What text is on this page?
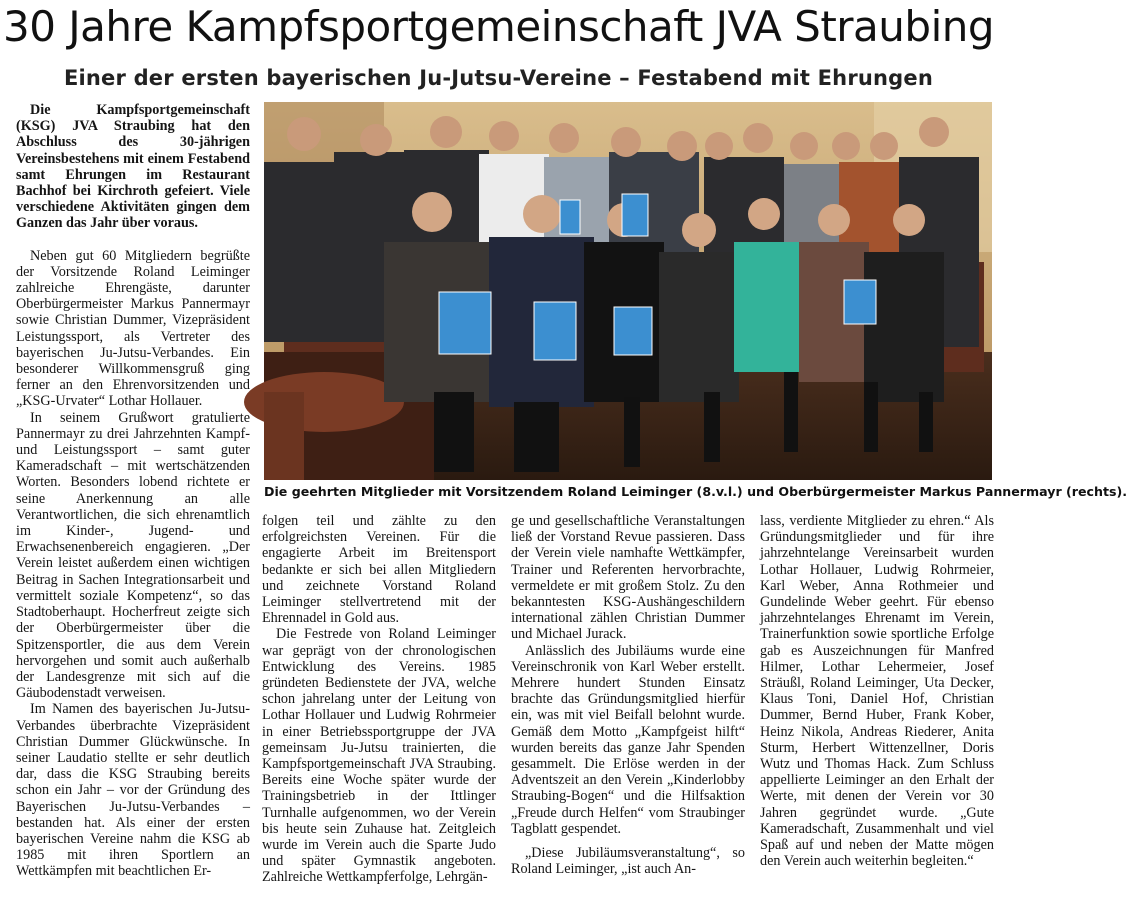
30 Jahre Kampfsportgemeinschaft JVA Straubing
Einer der ersten bayerischen Ju-Jutsu-Vereine – Festabend mit Ehrungen

Die Kampfsportgemeinschaft (KSG) JVA Straubing hat den Abschluss des 30-jährigen Vereinsbestehens mit einem Festabend samt Ehrungen im Restaurant Bachhof bei Kirchroth gefeiert. Viele verschiedene Aktivitäten gingen dem Ganzen das Jahr über voraus.

Neben gut 60 Mitgliedern begrüßte der Vorsitzende Roland Leiminger zahlreiche Ehrengäste, darunter Oberbürgermeister Markus Pannermayr sowie Christian Dummer, Vizepräsident Leistungssport, als Vertreter des bayerischen Ju-Jutsu-Verbandes. Ein besonderer Willkommensgruß ging ferner an den Ehrenvorsitzenden und „KSG-Urvater“ Lothar Hollauer.

In seinem Grußwort gratulierte Pannermayr zu drei Jahrzehnten Kampf- und Leistungssport – samt guter Kameradschaft – mit wertschätzenden Worten. Besonders lobend richtete er seine Anerkennung an alle Verantwortlichen, die sich ehrenamtlich im Kinder-, Jugend- und Erwachsenenbereich engagieren. „Der Verein leistet außerdem einen wichtigen Beitrag in Sachen Integrationsarbeit und vermittelt soziale Kompetenz“, so das Stadtoberhaupt. Hocherfreut zeigte sich der Oberbürgermeister über die Spitzensportler, die aus dem Verein hervorgehen und somit auch außerhalb der Landesgrenze mit sich auf die Gäubodenstadt verweisen.

Im Namen des bayerischen Ju-Jutsu-Verbandes überbrachte Vizepräsident Christian Dummer Glückwünsche. In seiner Laudatio stellte er sehr deutlich dar, dass die KSG Straubing bereits schon ein Jahr – vor der Gründung des Bayerischen Ju-Jutsu-Verbandes – bestanden hat. Als einer der ersten bayerischen Vereine nahm die KSG ab 1985 mit ihren Sportlern an Wettkämpfen mit beachtlichen Er-

Die geehrten Mitglieder mit Vorsitzendem Roland Leiminger (8.v.l.) und Oberbürgermeister Markus Pannermayr (rechts).

folgen teil und zählte zu den erfolgreichsten Vereinen. Für die engagierte Arbeit im Breitensport bedankte er sich bei allen Mitgliedern und zeichnete Vorstand Roland Leiminger stellvertretend mit der Ehrennadel in Gold aus.

Die Festrede von Roland Leiminger war geprägt von der chronologischen Entwicklung des Vereins. 1985 gründeten Bedienstete der JVA, welche schon jahrelang unter der Leitung von Lothar Hollauer und Ludwig Rohrmeier in einer Betriebssportgruppe der JVA gemeinsam Ju-Jutsu trainierten, die Kampfsportgemeinschaft JVA Straubing. Bereits eine Woche später wurde der Trainingsbetrieb in der Ittlinger Turnhalle aufgenommen, wo der Verein bis heute sein Zuhause hat. Zeitgleich wurde im Verein auch die Sparte Judo und später Gymnastik angeboten. Zahlreiche Wettkampferfolge, Lehrgän-

ge und gesellschaftliche Veranstaltungen ließ der Vorstand Revue passieren. Dass der Verein viele namhafte Wettkämpfer, Trainer und Referenten hervorbrachte, vermeldete er mit großem Stolz. Zu den bekanntesten KSG-Aushängeschildern international zählen Christian Dummer und Michael Jurack.

Anlässlich des Jubiläums wurde eine Vereinschronik von Karl Weber erstellt. Mehrere hundert Stunden Einsatz brachte das Gründungsmitglied hierfür ein, was mit viel Beifall belohnt wurde. Gemäß dem Motto „Kampfgeist hilft“ wurden bereits das ganze Jahr Spenden gesammelt. Die Erlöse werden in der Adventszeit an den Verein „Kinderlobby Straubing-Bogen“ und die Hilfsaktion „Freude durch Helfen“ vom Straubinger Tagblatt gespendet.

„Diese Jubiläumsveranstaltung“, so Roland Leiminger, „ist auch An-

lass, verdiente Mitglieder zu ehren.“ Als Gründungsmitglieder und für ihre jahrzehntelange Vereinsarbeit wurden Lothar Hollauer, Ludwig Rohrmeier, Karl Weber, Anna Rothmeier und Gundelinde Weber geehrt. Für ebenso jahrzehntelanges Ehrenamt im Verein, Trainerfunktion sowie sportliche Erfolge gab es Auszeichnungen für Manfred Hilmer, Lothar Lehermeier, Josef Sträußl, Roland Leiminger, Uta Decker, Klaus Toni, Daniel Hof, Christian Dummer, Bernd Huber, Frank Kober, Heinz Nikola, Andreas Riederer, Anita Sturm, Herbert Wittenzellner, Doris Wutz und Thomas Hack. Zum Schluss appellierte Leiminger an den Erhalt der Werte, mit denen der Verein vor 30 Jahren gegründet wurde. „Gute Kameradschaft, Zusammenhalt und viel Spaß auf und neben der Matte mögen den Verein auch weiterhin begleiten.“
